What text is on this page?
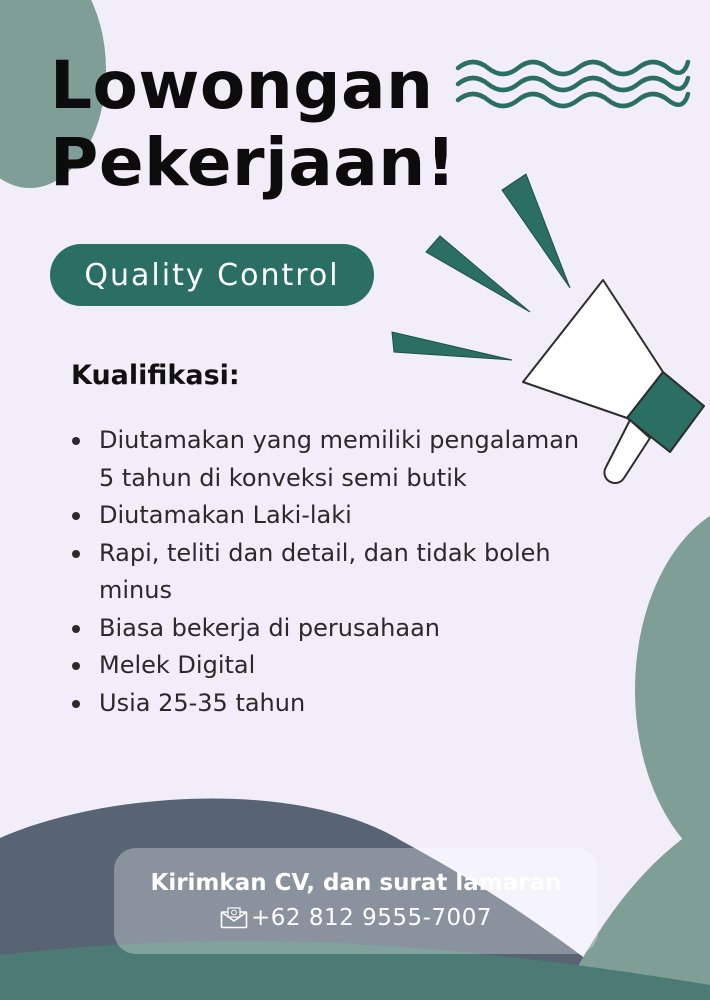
Lowongan
Pekerjaan!
Quality Control
Kualifikasi:
Diutamakan yang memiliki pengalaman 5 tahun di konveksi semi butik
Diutamakan Laki-laki
Rapi, teliti dan detail, dan tidak boleh minus
Biasa bekerja di perusahaan
Melek Digital
Usia 25-35 tahun
Kirimkan CV, dan surat lamaran
+62 812 9555-7007
